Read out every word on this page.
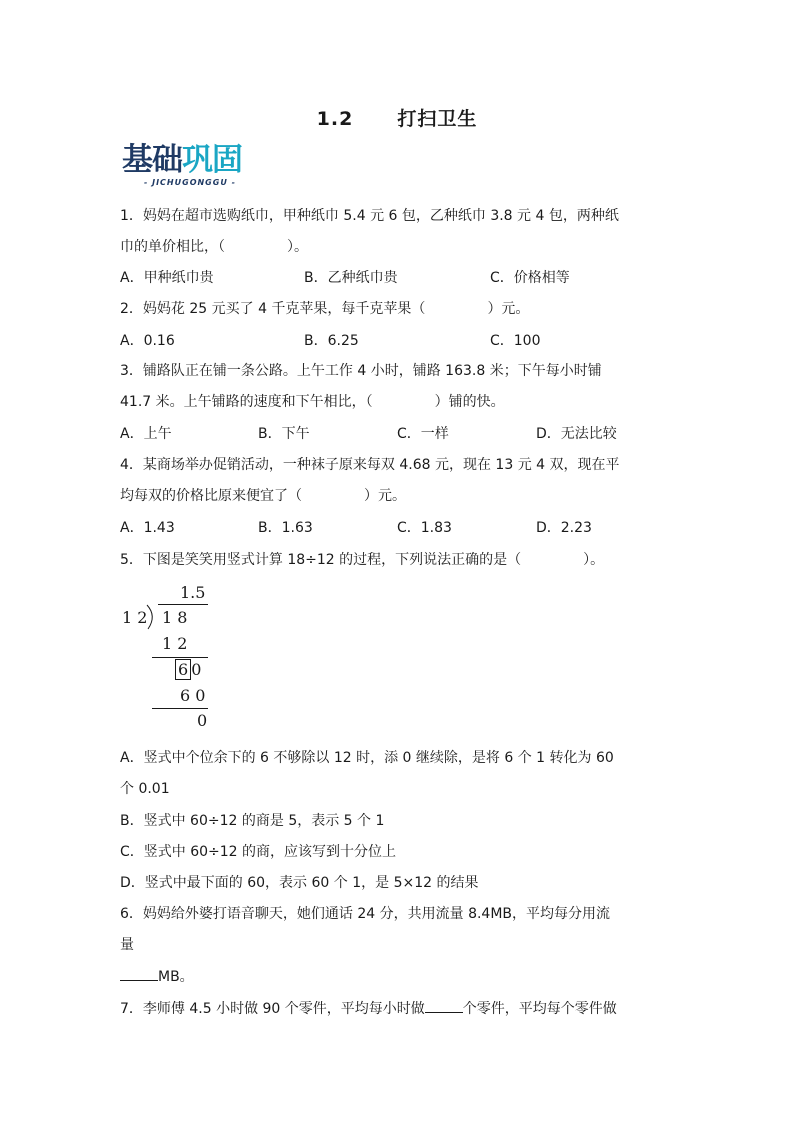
1.2 打扫卫生
基础巩固
- JICHUGONGGU -
1．妈妈在超市选购纸巾，甲种纸巾 5.4 元 6 包，乙种纸巾 3.8 元 4 包，两种纸
巾的单价相比，（	）。
A．甲种纸巾贵	B．乙种纸巾贵	C．价格相等
2．妈妈花 25 元买了 4 千克苹果，每千克苹果（	）元。
A．0.16	B．6.25	C．100
3．铺路队正在铺一条公路。上午工作 4 小时，铺路 163.8 米；下午每小时铺
41.7 米。上午铺路的速度和下午相比，（	）铺的快。
A．上午	B．下午	C．一样	D．无法比较
4．某商场举办促销活动，一种袜子原来每双 4.68 元，现在 13 元 4 双，现在平
均每双的价格比原来便宜了（	）元。
A．1.43	B．1.63	C．1.83	D．2.23
5．下图是笑笑用竖式计算 18÷12 的过程，下列说法正确的是（	）。
1.5
1 2 1 8
1 2
6 0
6 0
0
A．竖式中个位余下的 6 不够除以 12 时，添 0 继续除，是将 6 个 1 转化为 60
个 0.01
B．竖式中 60÷12 的商是 5，表示 5 个 1
C．竖式中 60÷12 的商，应该写到十分位上
D．竖式中最下面的 60，表示 60 个 1，是 5×12 的结果
6．妈妈给外婆打语音聊天，她们通话 24 分，共用流量 8.4MB，平均每分用流
量
MB。
7．李师傅 4.5 小时做 90 个零件，平均每小时做	个零件，平均每个零件做
